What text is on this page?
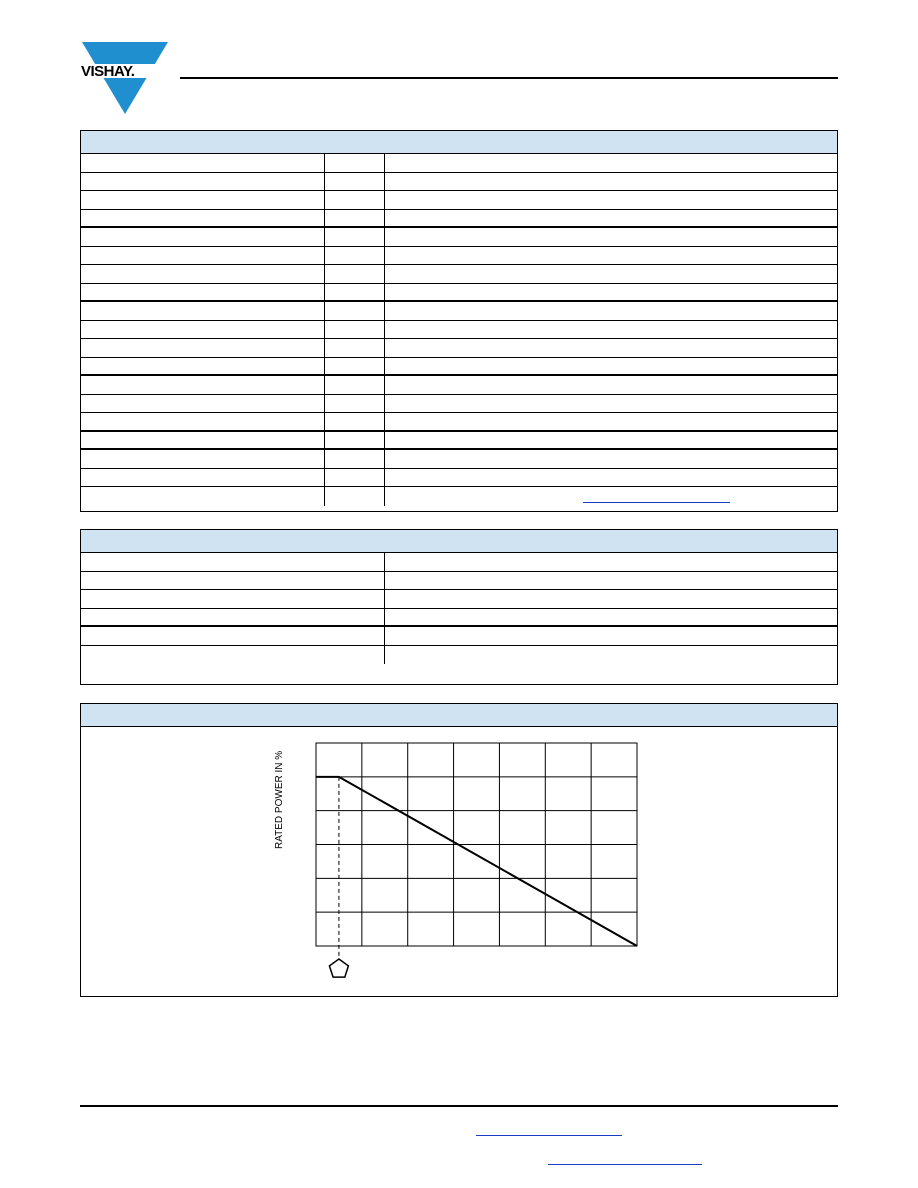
VISHAY.
RATED POWER IN %
